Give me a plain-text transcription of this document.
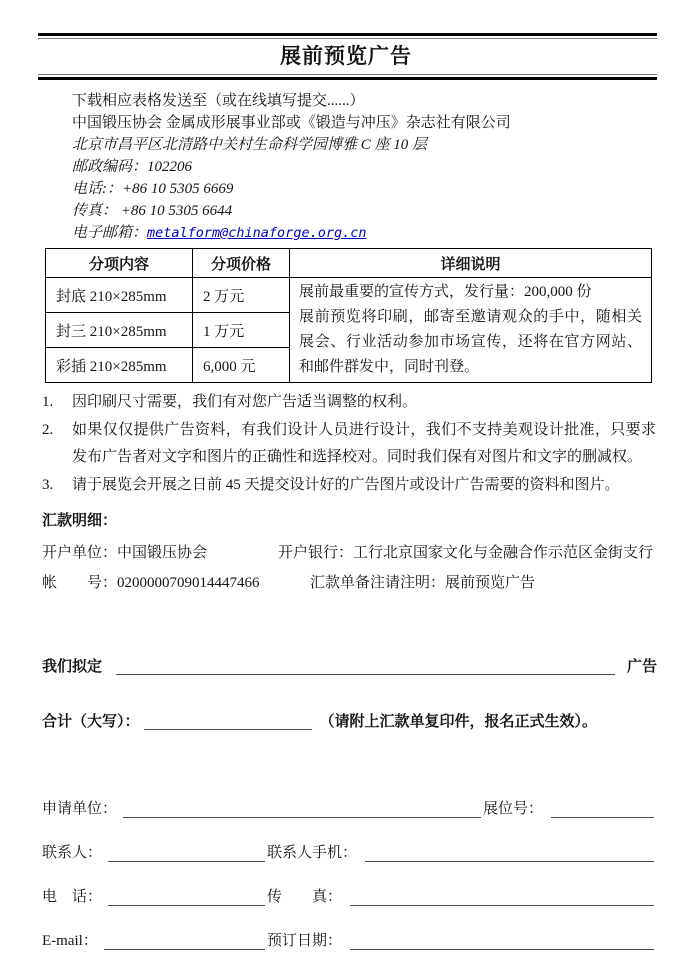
展前预览广告
下载相应表格发送至（或在线填写提交......）
中国锻压协会 金属成形展事业部或《锻造与冲压》杂志社有限公司
北京市昌平区北清路中关村生命科学园博雅 C 座 10 层
邮政编码：102206
电话:：+86 10 5305 6669
传真： +86 10 5305 6644
电子邮箱：metalform@chinaforge.org.cn
分项内容	分项价格	详细说明
封底 210×285mm	2 万元	展前最重要的宣传方式，发行量：200,000 份
展前预览将印刷，邮寄至邀请观众的手中，随相关展会、行业活动参加市场宣传，还将在官方网站、和邮件群发中，同时刊登。

封三 210×285mm	1 万元	
彩插 210×285mm	6,000 元	
1.	因印刷尺寸需要，我们有对您广告适当调整的权利。
2.	如果仅仅提供广告资料，有我们设计人员进行设计，我们不支持美观设计批准，只要求发布广告者对文字和图片的正确性和选择校对。同时我们保有对图片和文字的删减权。
3.	请于展览会开展之日前 45 天提交设计好的广告图片或设计广告需要的资料和图片。
汇款明细：
开户单位：中国锻压协会	开户银行：工行北京国家文化与金融合作示范区金街支行
帐　　号：0200000709014447466	汇款单备注请注明：展前预览广告
我们拟定	广告
合计（大写）：	（请附上汇款单复印件，报名正式生效）。
申请单位：	展位号：
联系人：	联系人手机：
电　话：	传　　真：
E-mail：	预订日期：
